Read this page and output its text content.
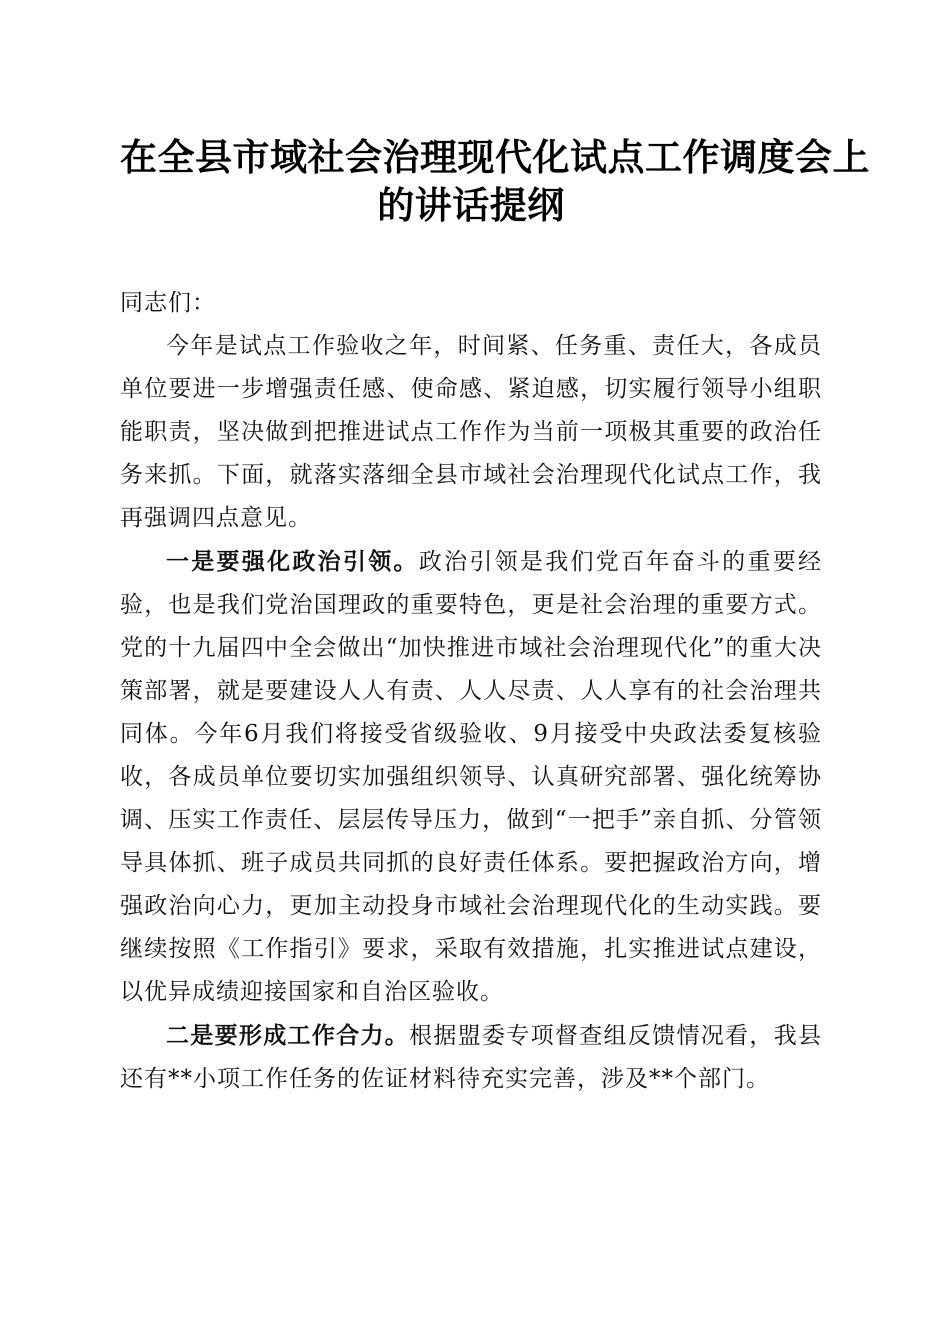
在全县市域社会治理现代化试点工作调度会上
的讲话提纲

同志们：

今年是试点工作验收之年，时间紧、任务重、责任大，各成员单位要进一步增强责任感、使命感、紧迫感，切实履行领导小组职能职责，坚决做到把推进试点工作作为当前一项极其重要的政治任务来抓。下面，就落实落细全县市域社会治理现代化试点工作，我再强调四点意见。

一是要强化政治引领。政治引领是我们党百年奋斗的重要经验，也是我们党治国理政的重要特色，更是社会治理的重要方式。党的十九届四中全会做出“加快推进市域社会治理现代化”的重大决策部署，就是要建设人人有责、人人尽责、人人享有的社会治理共同体。今年6月我们将接受省级验收、9月接受中央政法委复核验收，各成员单位要切实加强组织领导、认真研究部署、强化统筹协调、压实工作责任、层层传导压力，做到“一把手”亲自抓、分管领导具体抓、班子成员共同抓的良好责任体系。要把握政治方向，增强政治向心力，更加主动投身市域社会治理现代化的生动实践。要继续按照《工作指引》要求，采取有效措施，扎实推进试点建设，以优异成绩迎接国家和自治区验收。

二是要形成工作合力。根据盟委专项督查组反馈情况看，我县还有**小项工作任务的佐证材料待充实完善，涉及**个部门。
